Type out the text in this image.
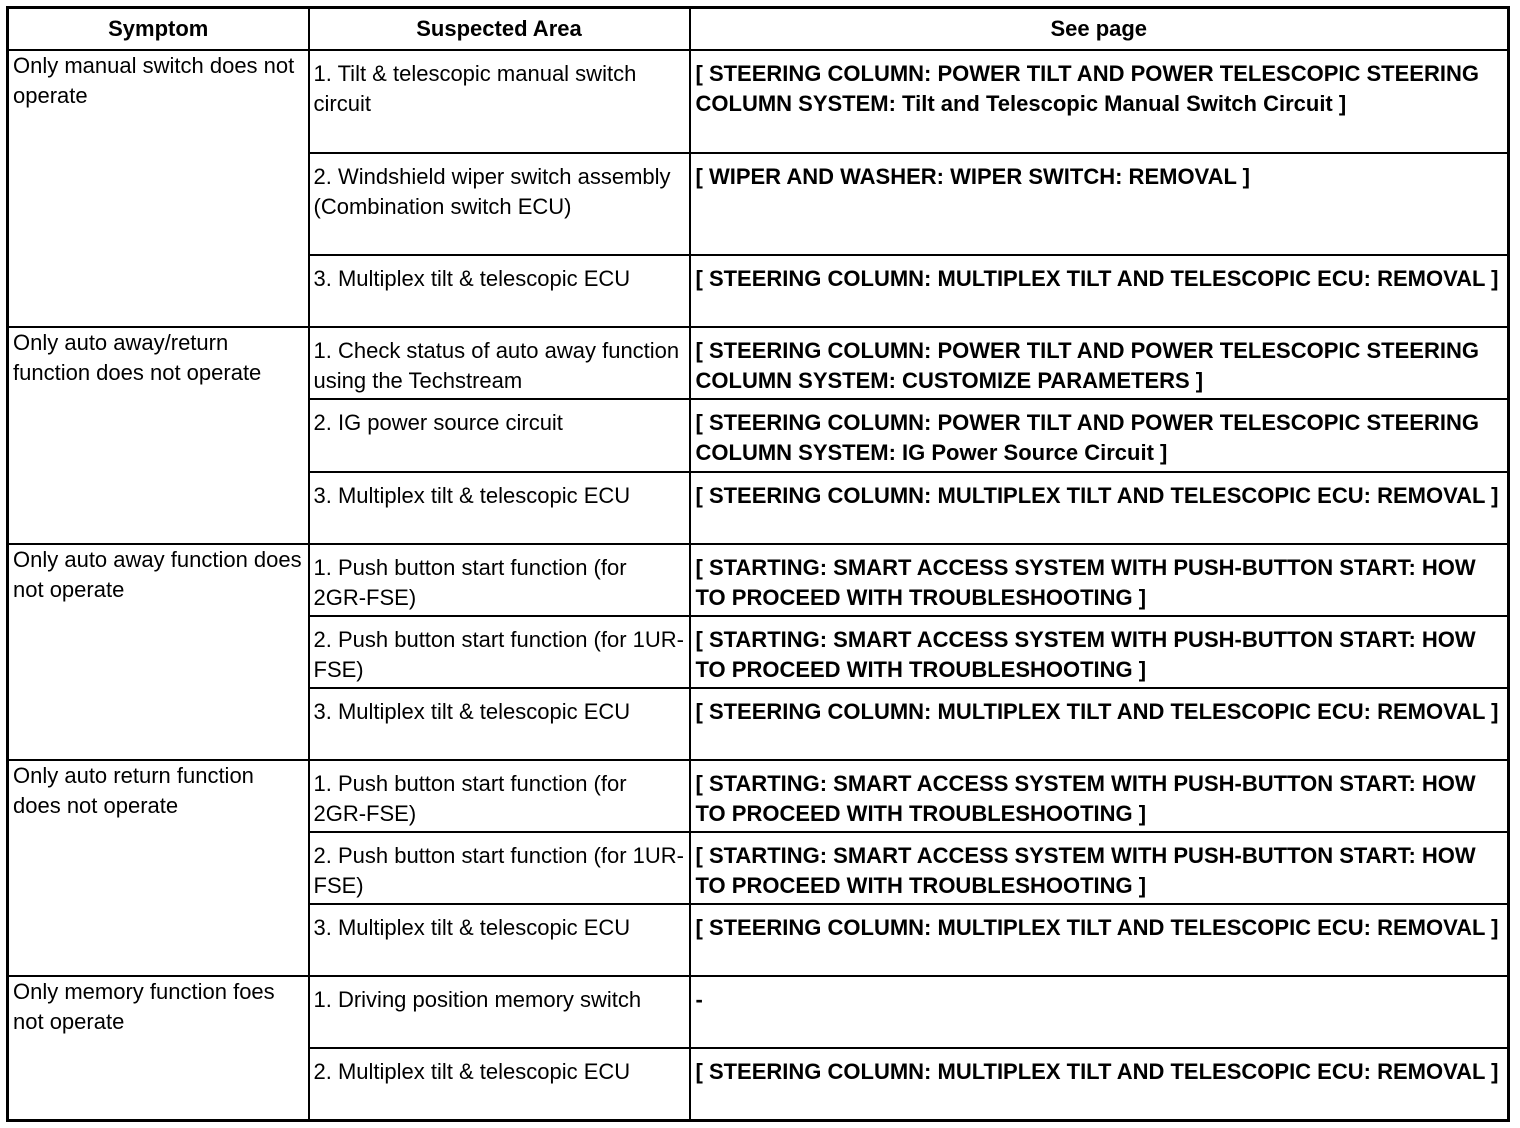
Symptom	Suspected Area	See page
Only manual switch does not operate	1. Tilt & telescopic manual switch circuit	[ STEERING COLUMN: POWER TILT AND POWER TELESCOPIC STEERING COLUMN SYSTEM: Tilt and Telescopic Manual Switch Circuit ]
	2. Windshield wiper switch assembly (Combination switch ECU)	[ WIPER AND WASHER: WIPER SWITCH: REMOVAL ]
	3. Multiplex tilt & telescopic ECU	[ STEERING COLUMN: MULTIPLEX TILT AND TELESCOPIC ECU: REMOVAL ]
Only auto away/return function does not operate	1. Check status of auto away function using the Techstream	[ STEERING COLUMN: POWER TILT AND POWER TELESCOPIC STEERING COLUMN SYSTEM: CUSTOMIZE PARAMETERS ]
	2. IG power source circuit	[ STEERING COLUMN: POWER TILT AND POWER TELESCOPIC STEERING COLUMN SYSTEM: IG Power Source Circuit ]
	3. Multiplex tilt & telescopic ECU	[ STEERING COLUMN: MULTIPLEX TILT AND TELESCOPIC ECU: REMOVAL ]
Only auto away function does not operate	1. Push button start function (for 2GR-FSE)	[ STARTING: SMART ACCESS SYSTEM WITH PUSH-BUTTON START: HOW TO PROCEED WITH TROUBLESHOOTING ]
	2. Push button start function (for 1UR-FSE)	[ STARTING: SMART ACCESS SYSTEM WITH PUSH-BUTTON START: HOW TO PROCEED WITH TROUBLESHOOTING ]
	3. Multiplex tilt & telescopic ECU	[ STEERING COLUMN: MULTIPLEX TILT AND TELESCOPIC ECU: REMOVAL ]
Only auto return function does not operate	1. Push button start function (for 2GR-FSE)	[ STARTING: SMART ACCESS SYSTEM WITH PUSH-BUTTON START: HOW TO PROCEED WITH TROUBLESHOOTING ]
	2. Push button start function (for 1UR-FSE)	[ STARTING: SMART ACCESS SYSTEM WITH PUSH-BUTTON START: HOW TO PROCEED WITH TROUBLESHOOTING ]
	3. Multiplex tilt & telescopic ECU	[ STEERING COLUMN: MULTIPLEX TILT AND TELESCOPIC ECU: REMOVAL ]
Only memory function foes not operate	1. Driving position memory switch	-
	2. Multiplex tilt & telescopic ECU	[ STEERING COLUMN: MULTIPLEX TILT AND TELESCOPIC ECU: REMOVAL ]
